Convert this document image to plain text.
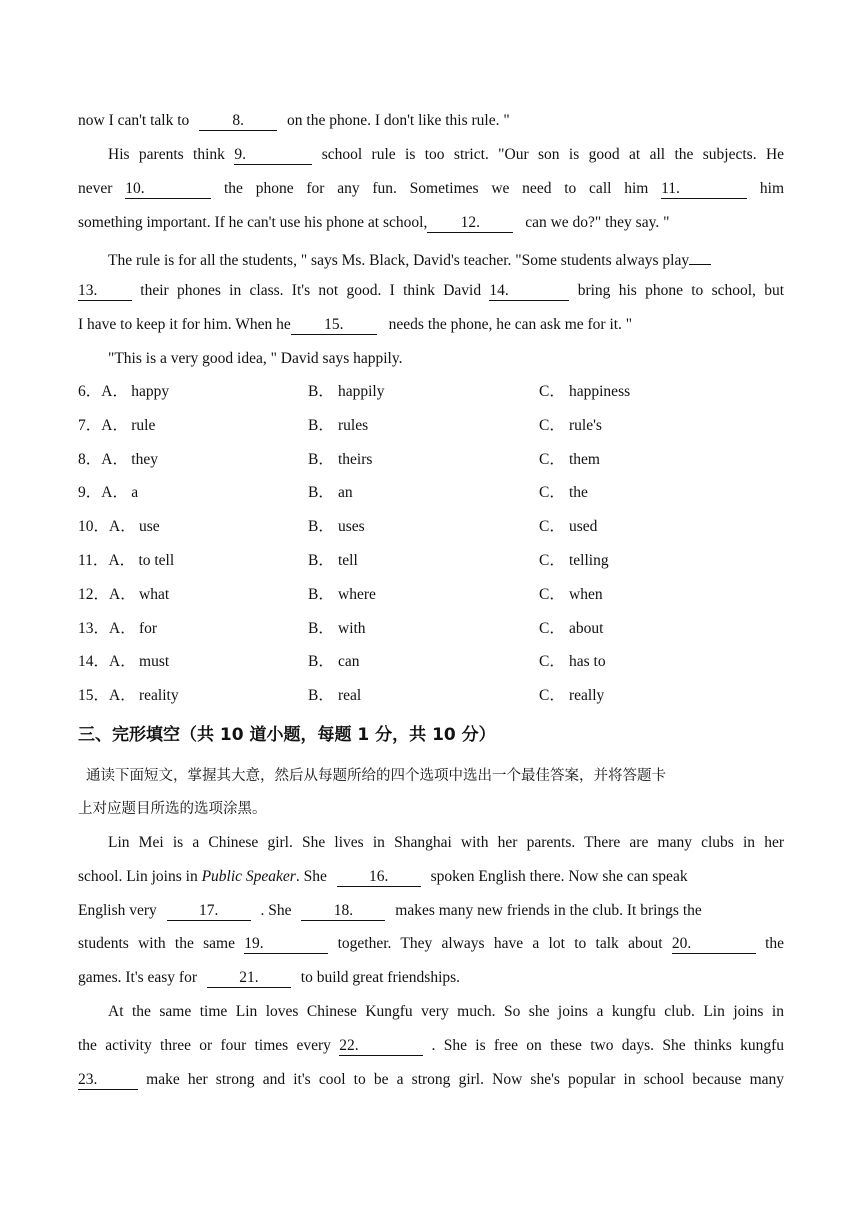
now I can't talk to	8.	on the phone. I don't like this rule. "
His parents think 9.	school rule is too strict. "Our son is good at all the subjects. He
never 10.	the phone for any fun. Sometimes we need to call him 11.	him
something important. If he can't use his phone at school, 12.	can we do?" they say. "
The rule is for all the students, " says Ms. Black, David's teacher. "Some students always play
13.	their phones in class. It's not good. I think David 14.	bring his phone to school, but
I have to keep it for him. When he 15.	needs the phone, he can ask me for it. "
"This is a very good idea, " David says happily.
6．A． happy	B． happily	C． happiness
7．A． rule	B． rules	C． rule's
8．A． they	B． theirs	C． them
9．A． a	B． an	C． the
10．A． use	B． uses	C． used
11．A． to tell	B． tell	C． telling
12．A． what	B． where	C． when
13．A． for	B． with	C． about
14．A． must	B． can	C． has to
15．A． reality	B． real	C． really
三、完形填空（共 10 道小题，每题 1 分，共 10 分）
通读下面短文，掌握其大意，然后从每题所给的四个选项中选出一个最佳答案，并将答题卡
上对应题目所选的选项涂黑。
Lin Mei is a Chinese girl. She lives in Shanghai with her parents. There are many clubs in her
school. Lin joins in Public Speaker. She	16.	spoken English there. Now she can speak
English very	17.	. She	18.	makes many new friends in the club. It brings the
students with the same 19.	together. They always have a lot to talk about 20.	the
games. It's easy for	21.	to build great friendships.
At the same time Lin loves Chinese Kungfu very much. So she joins a kungfu club. Lin joins in
the activity three or four times every 22.	. She is free on these two days. She thinks kungfu
23.	make her strong and it's cool to be a strong girl. Now she's popular in school because many
